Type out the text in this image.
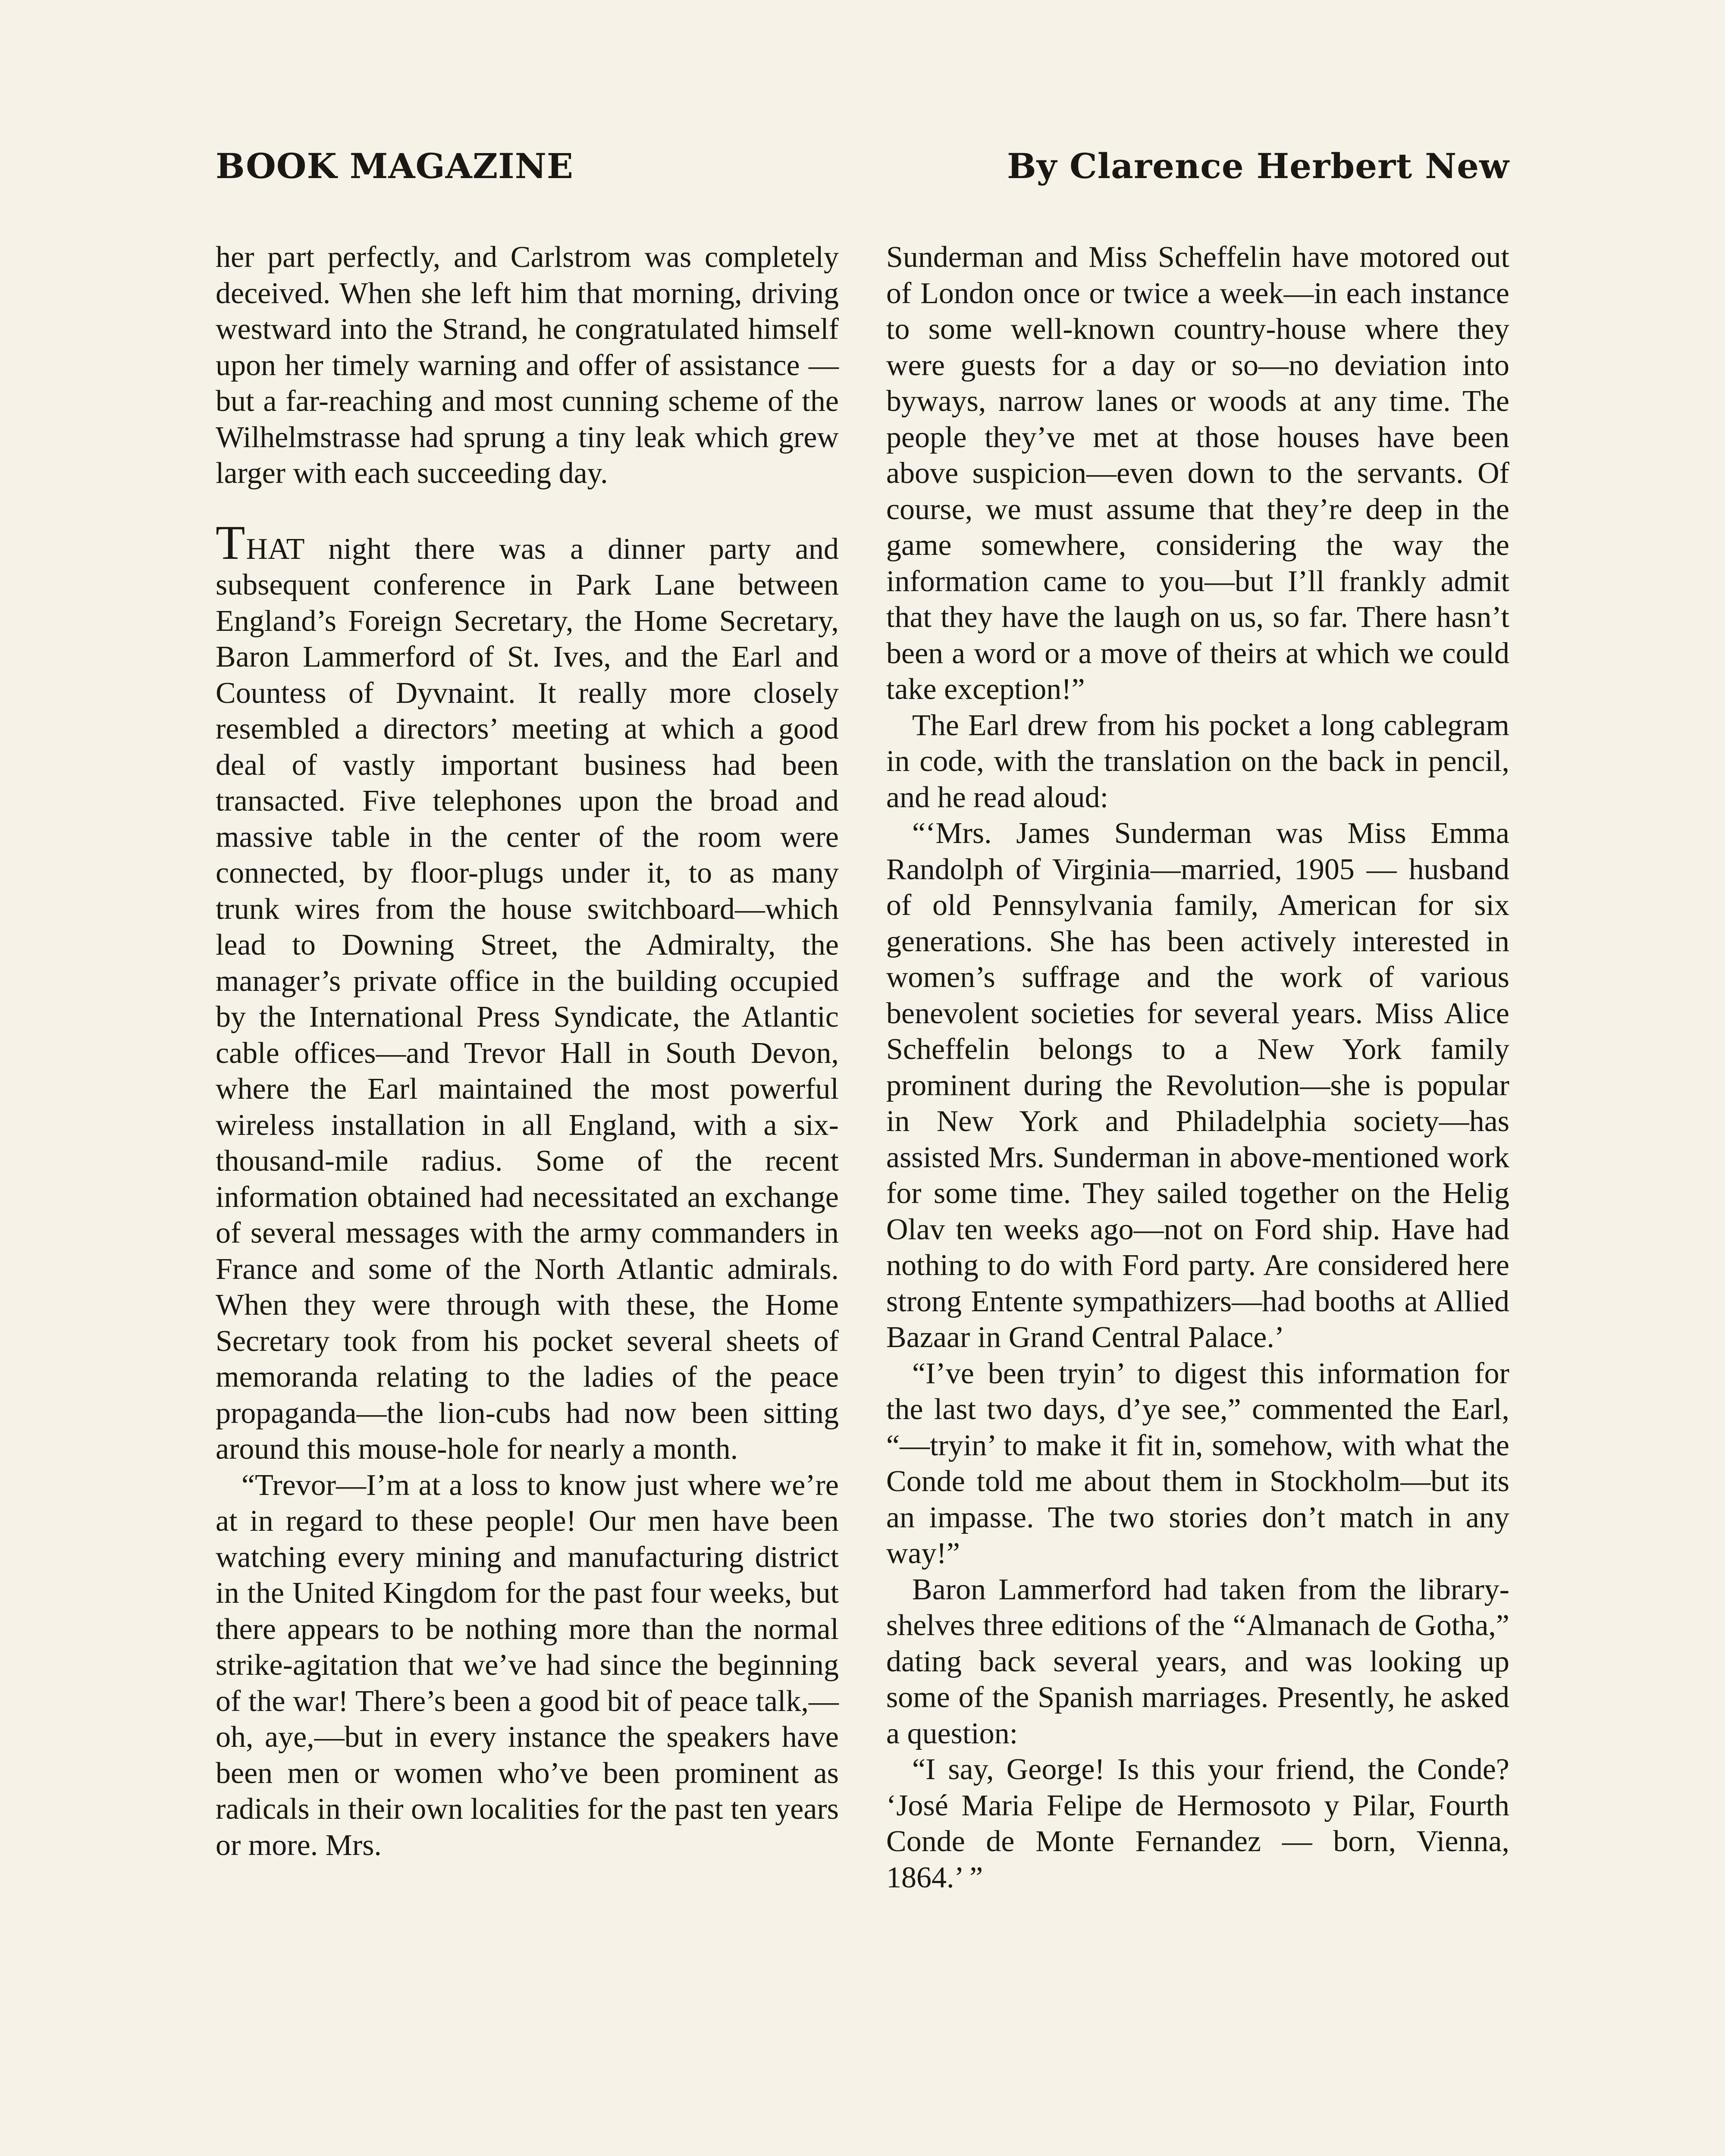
BOOK MAGAZINE	By Clarence Herbert New

her part perfectly, and Carlstrom was completely deceived. When she left him that morning, driving westward into the Strand, he congratulated himself upon her timely warning and offer of assistance — but a far-reaching and most cunning scheme of the Wilhelmstrasse had sprung a tiny leak which grew larger with each succeeding day.

THAT night there was a dinner party and subsequent conference in Park Lane between England’s Foreign Secretary, the Home Secretary, Baron Lammerford of St. Ives, and the Earl and Countess of Dyvnaint. It really more closely resembled a directors’ meeting at which a good deal of vastly important business had been transacted. Five telephones upon the broad and massive table in the center of the room were connected, by floor-plugs under it, to as many trunk wires from the house switchboard—which lead to Downing Street, the Admiralty, the manager’s private office in the building occupied by the International Press Syndicate, the Atlantic cable offices—and Trevor Hall in South Devon, where the Earl maintained the most powerful wireless installation in all England, with a six-thousand-mile radius. Some of the recent information obtained had necessitated an exchange of several messages with the army commanders in France and some of the North Atlantic admirals. When they were through with these, the Home Secretary took from his pocket several sheets of memoranda relating to the ladies of the peace propaganda—the lion-cubs had now been sitting around this mouse-hole for nearly a month.

“Trevor—I’m at a loss to know just where we’re at in regard to these people! Our men have been watching every mining and manufacturing district in the United Kingdom for the past four weeks, but there appears to be nothing more than the normal strike-agitation that we’ve had since the beginning of the war! There’s been a good bit of peace talk,—oh, aye,—but in every instance the speakers have been men or women who’ve been prominent as radicals in their own localities for the past ten years or more. Mrs.

Sunderman and Miss Scheffelin have motored out of London once or twice a week—in each instance to some well-known country-house where they were guests for a day or so—no deviation into byways, narrow lanes or woods at any time. The people they’ve met at those houses have been above suspicion—even down to the servants. Of course, we must assume that they’re deep in the game somewhere, considering the way the information came to you—but I’ll frankly admit that they have the laugh on us, so far. There hasn’t been a word or a move of theirs at which we could take exception!”

The Earl drew from his pocket a long cablegram in code, with the translation on the back in pencil, and he read aloud:

“‘Mrs. James Sunderman was Miss Emma Randolph of Virginia—married, 1905 — husband of old Pennsylvania family, American for six generations. She has been actively interested in women’s suffrage and the work of various benevolent societies for several years. Miss Alice Scheffelin belongs to a New York family prominent during the Revolution—she is popular in New York and Philadelphia society—has assisted Mrs. Sunderman in above-mentioned work for some time. They sailed together on the Helig Olav ten weeks ago—not on Ford ship. Have had nothing to do with Ford party. Are considered here strong Entente sympathizers—had booths at Allied Bazaar in Grand Central Palace.’

“I’ve been tryin’ to digest this information for the last two days, d’ye see,” commented the Earl, “—tryin’ to make it fit in, somehow, with what the Conde told me about them in Stockholm—but its an impasse. The two stories don’t match in any way!”

Baron Lammerford had taken from the library-shelves three editions of the “Almanach de Gotha,” dating back several years, and was looking up some of the Spanish marriages. Presently, he asked a question:

“I say, George! Is this your friend, the Conde? ‘José Maria Felipe de Hermosoto y Pilar, Fourth Conde de Monte Fernandez — born, Vienna, 1864.’ ”
